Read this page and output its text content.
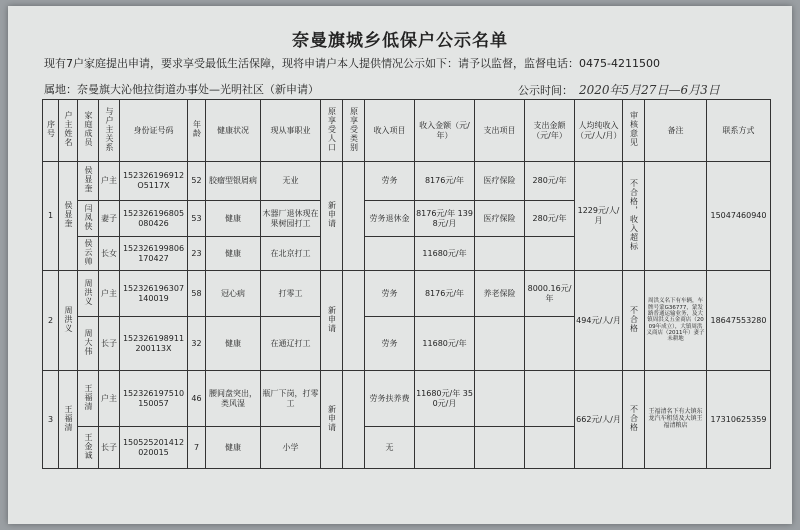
奈曼旗城乡低保户公示名单
现有7户家庭提出申请，要求享受最低生活保障，现将申请户本人提供情况公示如下：请予以监督，监督电话：0475-4211500
属地：奈曼旗大沁他拉街道办事处—光明社区（新申请）	公示时间： 2020年5月27日—6月3日
序号	户主姓名	家庭成员	与户主关系	身份证号码	年龄	健康状况	现从事职业	原享受人口	原享受类别	收入项目	收入金额（元/年）	支出项目	支出金额（元/年）	人均纯收入（元/人/月）	审核意见	备注	联系方式
1	侯显奎	侯显奎	户主	152326196912O5117X	52	胶瘤型银屑病	无业	新申请		劳务	8176元/年	医疗保险	280元/年	1229元/人/月	不合格，收入超标		15047460940
		闫凤侠	妻子	152326196805080426	53	健康	木器厂退休现在果树园打工			劳务退休金	8176元/年 1398元/月	医疗保险	280元/年				
		侯云帅	长女	152326199806170427	23	健康	在北京打工				11680元/年						
2	周洪义	周洪义	户主	152326196307140019	58	冠心病	打零工	新申请		劳务	8176元/年	养老保险	8000.16元/年	494元/人/月	不合格	周洪义名下有车辆，车牌号蒙G36777，蒙发路普通运输业务，及大镇周洪义五金商店（2009年成立），大镇周洪义商店（2011年）妻子未耕地	18647553280
		周大伟	长子	152326198911200113X	32	健康	在通辽打工			劳务	11680元/年						
3	王福清	王福清	户主	152326197510150057	46	腰间盘突出，类风湿	瓶厂下岗，打零工	新申请		劳务扶养费	11680元/年 350元/月			662元/人/月	不合格	王福清名下有大镇东龙汽车租赁及大镇王福清粮店	17310625359
		王金诚	长子	150525201412020015	7	健康	小学			无							
